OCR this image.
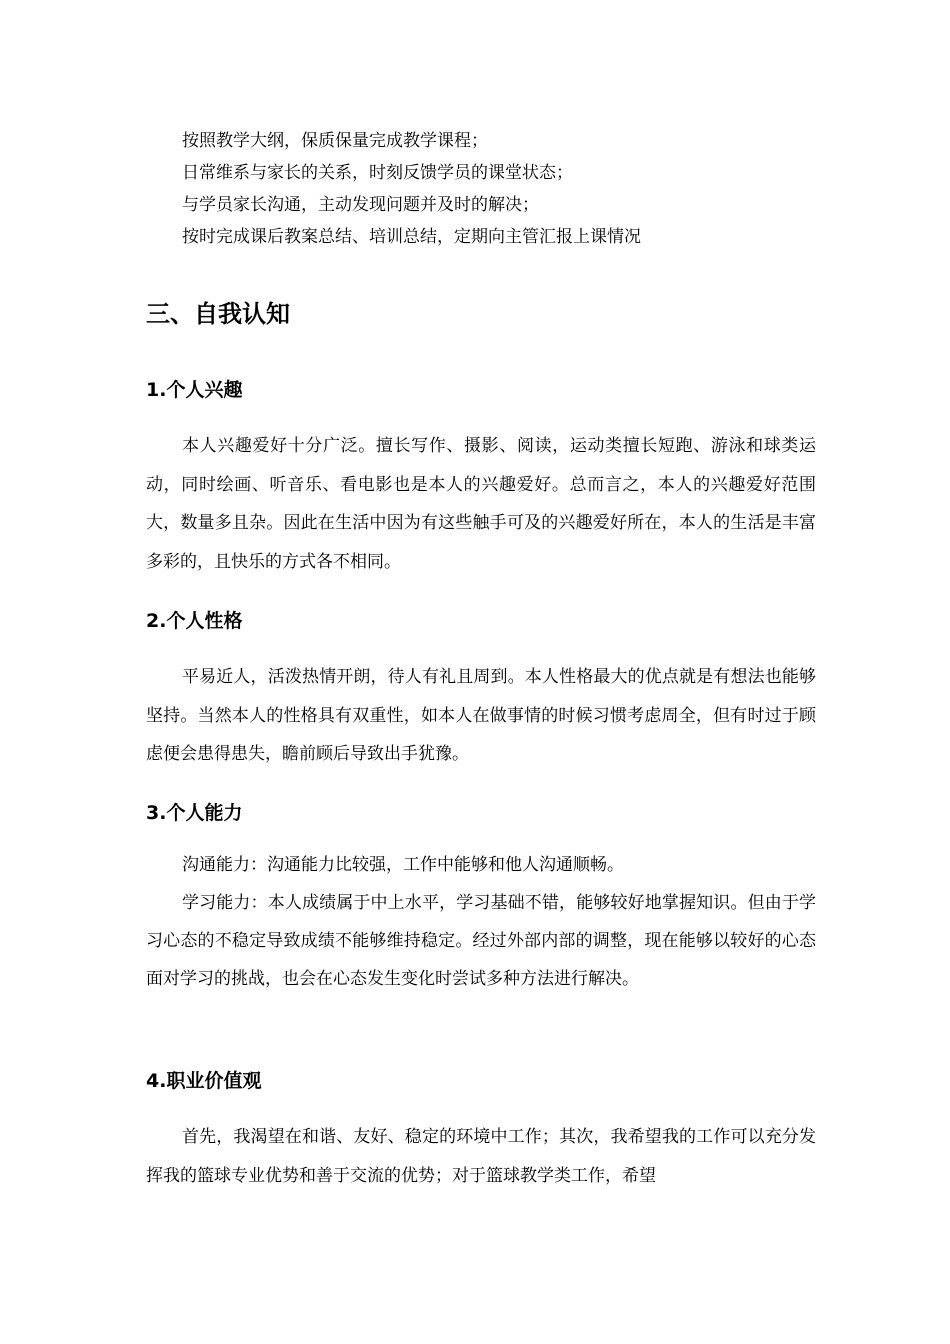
按照教学大纲，保质保量完成教学课程；
日常维系与家长的关系，时刻反馈学员的课堂状态；
与学员家长沟通，主动发现问题并及时的解决；
按时完成课后教案总结、培训总结，定期向主管汇报上课情况
三、自我认知
1.个人兴趣
本人兴趣爱好十分广泛。擅长写作、摄影、阅读，运动类擅长短跑、游泳和球类运动，同时绘画、听音乐、看电影也是本人的兴趣爱好。总而言之，本人的兴趣爱好范围大，数量多且杂。因此在生活中因为有这些触手可及的兴趣爱好所在，本人的生活是丰富多彩的，且快乐的方式各不相同。
2.个人性格
平易近人，活泼热情开朗，待人有礼且周到。本人性格最大的优点就是有想法也能够坚持。当然本人的性格具有双重性，如本人在做事情的时候习惯考虑周全，但有时过于顾虑便会患得患失，瞻前顾后导致出手犹豫。
3.个人能力
沟通能力：沟通能力比较强，工作中能够和他人沟通顺畅。
学习能力：本人成绩属于中上水平，学习基础不错，能够较好地掌握知识。但由于学习心态的不稳定导致成绩不能够维持稳定。经过外部内部的调整，现在能够以较好的心态面对学习的挑战，也会在心态发生变化时尝试多种方法进行解决。
4.职业价值观
首先，我渴望在和谐、友好、稳定的环境中工作；其次，我希望我的工作可以充分发挥我的篮球专业优势和善于交流的优势；对于篮球教学类工作，希望
